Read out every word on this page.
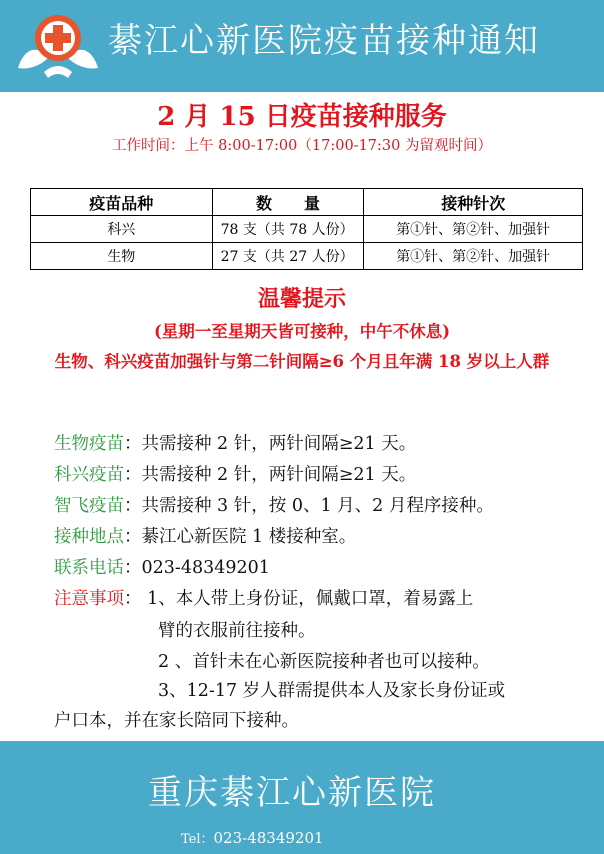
綦江心新医院疫苗接种通知
2 月 15 日疫苗接种服务
工作时间：上午 8:00-17:00（17:00-17:30 为留观时间）
疫苗品种	数　　量	接种针次
科兴	78 支（共 78 人份）	第①针、第②针、加强针
生物	27 支（共 27 人份）	第①针、第②针、加强针
温馨提示
(星期一至星期天皆可接种，中午不休息)
生物、科兴疫苗加强针与第二针间隔≥6 个月且年满 18 岁以上人群
生物疫苗：共需接种 2 针，两针间隔≥21 天。
科兴疫苗：共需接种 2 针，两针间隔≥21 天。
智飞疫苗：共需接种 3 针，按 0、1 月、2 月程序接种。
接种地点：綦江心新医院 1 楼接种室。
联系电话：023-48349201
注意事项： 1、本人带上身份证，佩戴口罩，着易露上
臂的衣服前往接种。
2 、首针未在心新医院接种者也可以接种。
3、12-17 岁人群需提供本人及家长身份证或
户口本，并在家长陪同下接种。
重庆綦江心新医院
Tel：023-48349201
